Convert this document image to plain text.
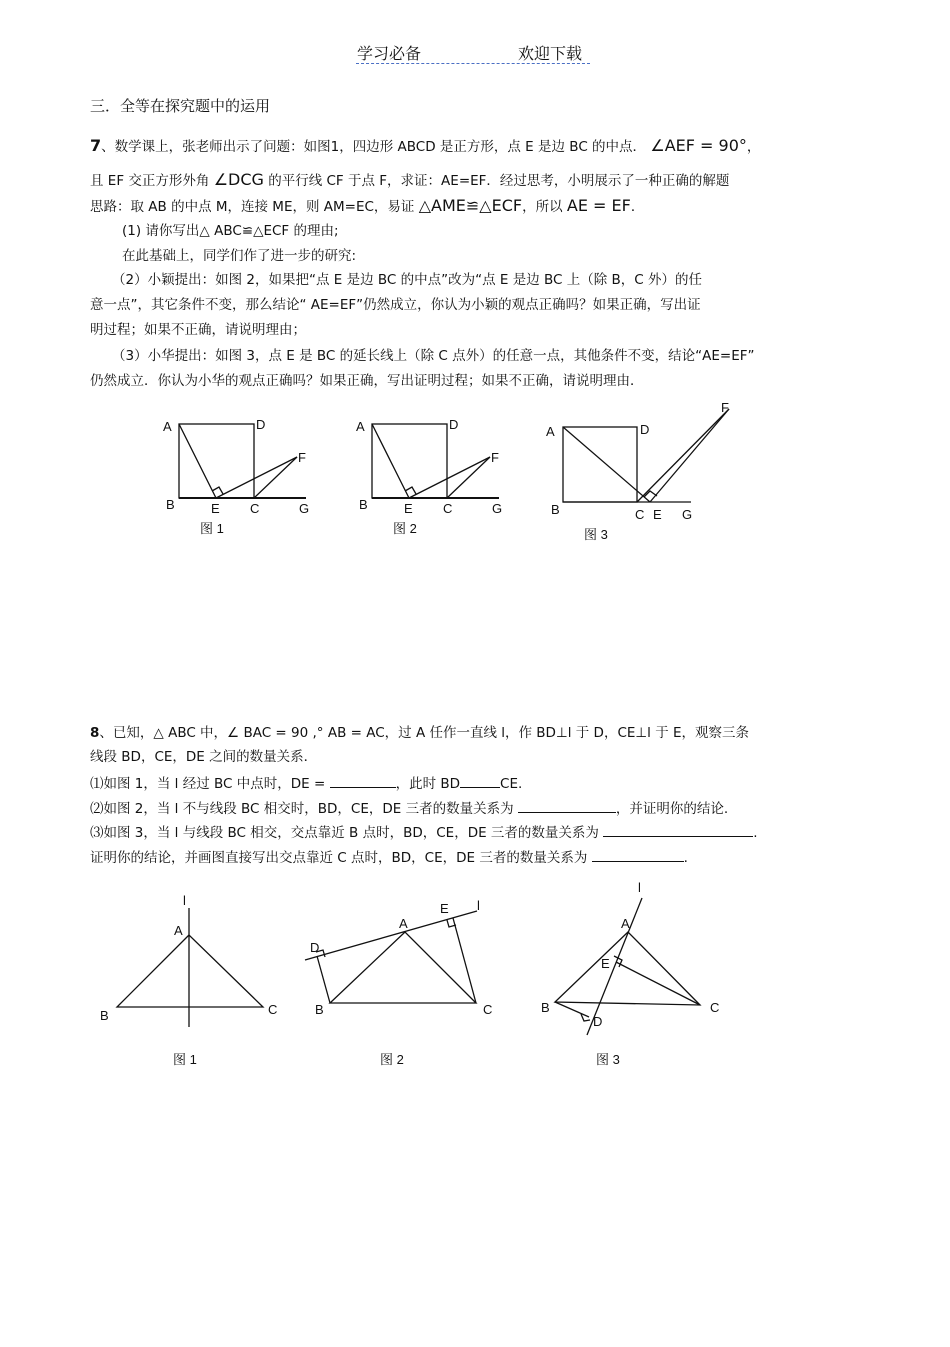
学习必备	欢迎下载
三．全等在探究题中的运用
7、数学课上，张老师出示了问题：如图1，四边形 ABCD 是正方形，点 E 是边 BC 的中点． ∠AEF = 90°，
且 EF 交正方形外角 ∠DCG 的平行线 CF 于点 F，求证：AE=EF．经过思考，小明展示了一种正确的解题
思路：取 AB 的中点 M，连接 ME，则 AM=EC，易证 △AME≌△ECF，所以 AE = EF．
(1) 请你写出△ ABC≌△ECF 的理由;
在此基础上，同学们作了进一步的研究:
（2）小颖提出：如图 2，如果把“点 E 是边 BC 的中点”改为“点 E 是边 BC 上（除 B，C 外）的任
意一点”，其它条件不变，那么结论“ AE=EF”仍然成立，你认为小颖的观点正确吗？如果正确，写出证
明过程；如果不正确，请说明理由；
（3）小华提出：如图 3，点 E 是 BC 的延长线上（除 C 点外）的任意一点，其他条件不变，结论“AE=EF”
仍然成立．你认为小华的观点正确吗？如果正确，写出证明过程；如果不正确，请说明理由．
A	D
F
B	E C	G
图 1
A	D
F
B	E C	G
图 2
F
A	D
B	C E G
图 3
8、已知，△ ABC 中，∠ BAC = 90 ,° AB = AC，过 A 任作一直线 l，作 BD⊥l 于 D，CE⊥l 于 E，观察三条
线段 BD，CE，DE 之间的数量关系．
⑴如图 1，当 l 经过 BC 中点时，DE =	，此时 BD	CE.
⑵如图 2，当 l 不与线段 BC 相交时，BD，CE，DE 三者的数量关系为	，并证明你的结论.
⑶如图 3，当 l 与线段 BC 相交，交点靠近 B 点时，BD，CE，DE 三者的数量关系为	.
证明你的结论，并画图直接写出交点靠近 C 点时，BD，CE，DE 三者的数量关系为	.
l
A
B	C
图 1
D
A
E l
B	C
图 2
l
A
E
B	C
D
图 3
